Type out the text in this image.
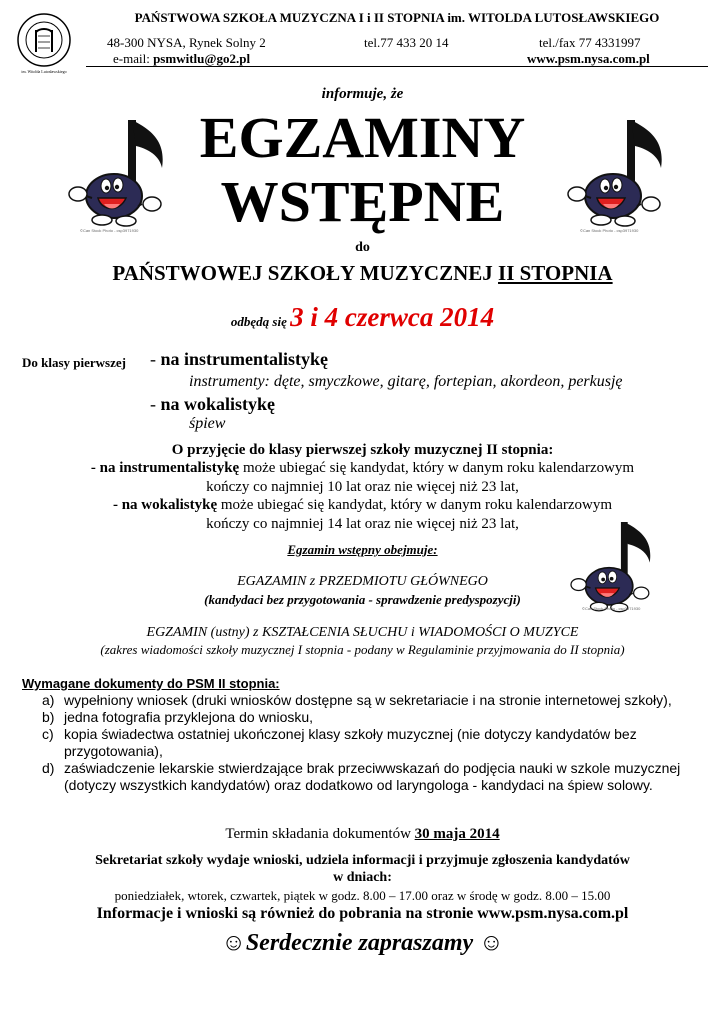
im. Witolda Lutosławskiego
PAŃSTWOWA SZKOŁA MUZYCZNA I i II STOPNIA im. WITOLDA LUTOSŁAWSKIEGO
48-300 NYSA, Rynek Solny 2	tel.77 433 20 14	tel./fax 77 4331997
e-mail: psmwitlu@go2.pl	www.psm.nysa.com.pl
informuje, że
EGZAMINY
WSTĘPNE
do
PAŃSTWOWEJ SZKOŁY MUZYCZNEJ II STOPNIA
odbędą się 3 i 4 czerwca 2014
©Can Stock Photo - csp3971930	©Can Stock Photo - csp3971930
©Can Stock Photo - csp3971930
Do klasy pierwszej - na instrumentalistykę
instrumenty: dęte, smyczkowe, gitarę, fortepian, akordeon, perkusję
- na wokalistykę
śpiew
O przyjęcie do klasy pierwszej szkoły muzycznej II stopnia:
- na instrumentalistykę może ubiegać się kandydat, który w danym roku kalendarzowym
kończy co najmniej 10 lat oraz nie więcej niż 23 lat,
- na wokalistykę może ubiegać się kandydat, który w danym roku kalendarzowym
kończy co najmniej 14 lat oraz nie więcej niż 23 lat,
Egzamin wstępny obejmuje:
EGAZAMIN z PRZEDMIOTU GŁÓWNEGO
(kandydaci bez przygotowania - sprawdzenie predyspozycji)
EGZAMIN (ustny) z KSZTAŁCENIA SŁUCHU i WIADOMOŚCI O MUZYCE
(zakres wiadomości szkoły muzycznej I stopnia - podany w Regulaminie przyjmowania do II stopnia)
Wymagane dokumenty do PSM II stopnia:
a) wypełniony wniosek (druki wniosków dostępne są w sekretariacie i na stronie internetowej szkoły),
b) jedna fotografia przyklejona do wniosku,
c) kopia świadectwa ostatniej ukończonej klasy szkoły muzycznej (nie dotyczy kandydatów bez przygotowania),
d) zaświadczenie lekarskie stwierdzające brak przeciwwskazań do podjęcia nauki w szkole muzycznej (dotyczy wszystkich kandydatów) oraz dodatkowo od laryngologa - kandydaci na śpiew solowy.
Termin składania dokumentów 30 maja 2014
Sekretariat szkoły wydaje wnioski, udziela informacji i przyjmuje zgłoszenia kandydatów
w dniach:
poniedziałek, wtorek, czwartek, piątek w godz. 8.00 – 17.00 oraz w środę w godz. 8.00 – 15.00
Informacje i wnioski są również do pobrania na stronie www.psm.nysa.com.pl
☺Serdecznie zapraszamy ☺
